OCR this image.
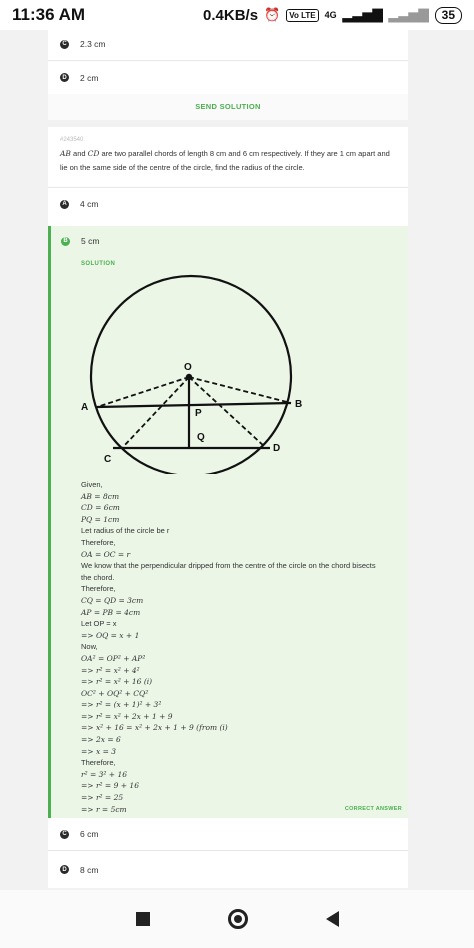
11:36 AM	0.4KB/s ⏰	Vo LTE	4G ▂▃▅▇ ▂▃▅▇	35
C 2.3 cm
D 2 cm
SEND SOLUTION
#243540
AB and CD are two parallel chords of length 8 cm and 6 cm respectively. If they are 1 cm apart and lie on the same side of the centre of the circle, find the radius of the circle.
A 4 cm
B 5 cm
SOLUTION
O
A	B
P
Q
C
D
Given,
AB = 8cm
CD = 6cm
PQ = 1cm
Let radius of the circle be r
Therefore,
OA = OC = r
We know that the perpendicular dripped from the centre of the circle on the chord bisects
the chord.
Therefore,
CQ = QD = 3cm
AP = PB = 4cm
Let OP = x
=> OQ = x + 1
Now,
OA² = OP² + AP²
=> r² = x² + 4²
=> r² = x² + 16 (i)
OC² + OQ² + CQ²
=> r² = (x + 1)² + 3²
=> r² = x² + 2x + 1 + 9
=> x² + 16 = x² + 2x + 1 + 9 (from (i)
=> 2x = 6
=> x = 3
Therefore,
r² = 3² + 16
=> r² = 9 + 16
=> r² = 25
=> r = 5cm	CORRECT ANSWER
C 6 cm
D 8 cm
